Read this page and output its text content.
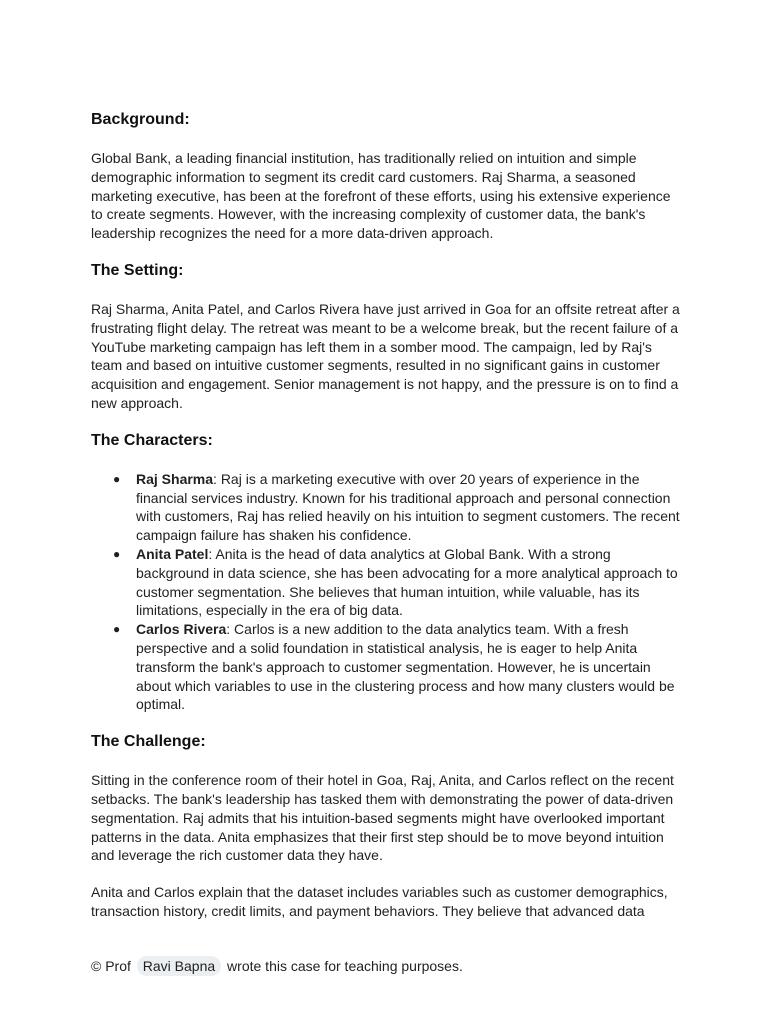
Background:

Global Bank, a leading financial institution, has traditionally relied on intuition and simple demographic information to segment its credit card customers. Raj Sharma, a seasoned marketing executive, has been at the forefront of these efforts, using his extensive experience to create segments. However, with the increasing complexity of customer data, the bank's leadership recognizes the need for a more data-driven approach.

The Setting:

Raj Sharma, Anita Patel, and Carlos Rivera have just arrived in Goa for an offsite retreat after a frustrating flight delay. The retreat was meant to be a welcome break, but the recent failure of a YouTube marketing campaign has left them in a somber mood. The campaign, led by Raj's team and based on intuitive customer segments, resulted in no significant gains in customer acquisition and engagement. Senior management is not happy, and the pressure is on to find a new approach.

The Characters:
● Raj Sharma: Raj is a marketing executive with over 20 years of experience in the financial services industry. Known for his traditional approach and personal connection with customers, Raj has relied heavily on his intuition to segment customers. The recent campaign failure has shaken his confidence.
● Anita Patel: Anita is the head of data analytics at Global Bank. With a strong background in data science, she has been advocating for a more analytical approach to customer segmentation. She believes that human intuition, while valuable, has its limitations, especially in the era of big data.
● Carlos Rivera: Carlos is a new addition to the data analytics team. With a fresh perspective and a solid foundation in statistical analysis, he is eager to help Anita transform the bank's approach to customer segmentation. However, he is uncertain about which variables to use in the clustering process and how many clusters would be optimal.
The Challenge:

Sitting in the conference room of their hotel in Goa, Raj, Anita, and Carlos reflect on the recent setbacks. The bank's leadership has tasked them with demonstrating the power of data-driven segmentation. Raj admits that his intuition-based segments might have overlooked important patterns in the data. Anita emphasizes that their first step should be to move beyond intuition and leverage the rich customer data they have.

Anita and Carlos explain that the dataset includes variables such as customer demographics, transaction history, credit limits, and payment behaviors. They believe that advanced data

© Prof Ravi Bapna wrote this case for teaching purposes.
